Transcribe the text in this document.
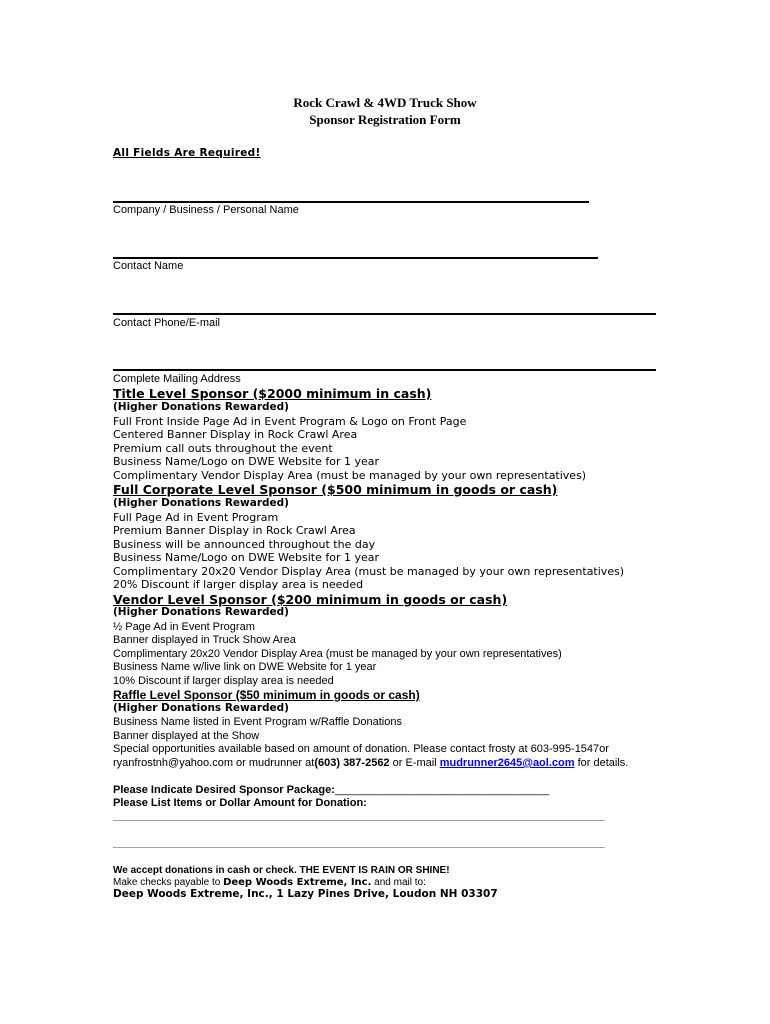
Rock Crawl & 4WD Truck Show
Sponsor Registration Form
All Fields Are Required!
Company / Business / Personal Name
Contact Name
Contact Phone/E-mail
Complete Mailing Address
Title Level Sponsor ($2000 minimum in cash)
(Higher Donations Rewarded)
Full Front Inside Page Ad in Event Program & Logo on Front Page
Centered Banner Display in Rock Crawl Area
Premium call outs throughout the event
Business Name/Logo on DWE Website for 1 year
Complimentary Vendor Display Area (must be managed by your own representatives)
Full Corporate Level Sponsor ($500 minimum in goods or cash)
(Higher Donations Rewarded)
Full Page Ad in Event Program
Premium Banner Display in Rock Crawl Area
Business will be announced throughout the day
Business Name/Logo on DWE Website for 1 year
Complimentary 20x20 Vendor Display Area (must be managed by your own representatives)
20% Discount if larger display area is needed
Vendor Level Sponsor ($200 minimum in goods or cash)
(Higher Donations Rewarded)
½ Page Ad in Event Program
Banner displayed in Truck Show Area
Complimentary 20x20 Vendor Display Area (must be managed by your own representatives)
Business Name w/live link on DWE Website for 1 year
10% Discount if larger display area is needed
Raffle Level Sponsor ($50 minimum in goods or cash)
(Higher Donations Rewarded)
Business Name listed in Event Program w/Raffle Donations
Banner displayed at the Show
Special opportunities available based on amount of donation. Please contact frosty at 603-995-1547or
ryanfrostnh@yahoo.com or mudrunner at(603) 387-2562 or E-mail mudrunner2645@aol.com for details.
Please Indicate Desired Sponsor Package:___________________________________
Please List Items or Dollar Amount for Donation:
_____________________________________________________________________________________________________________
_____________________________________________________________________________________________________________
We accept donations in cash or check. THE EVENT IS RAIN OR SHINE!
Make checks payable to Deep Woods Extreme, Inc. and mail to:
Deep Woods Extreme, Inc., 1 Lazy Pines Drive, Loudon NH 03307
